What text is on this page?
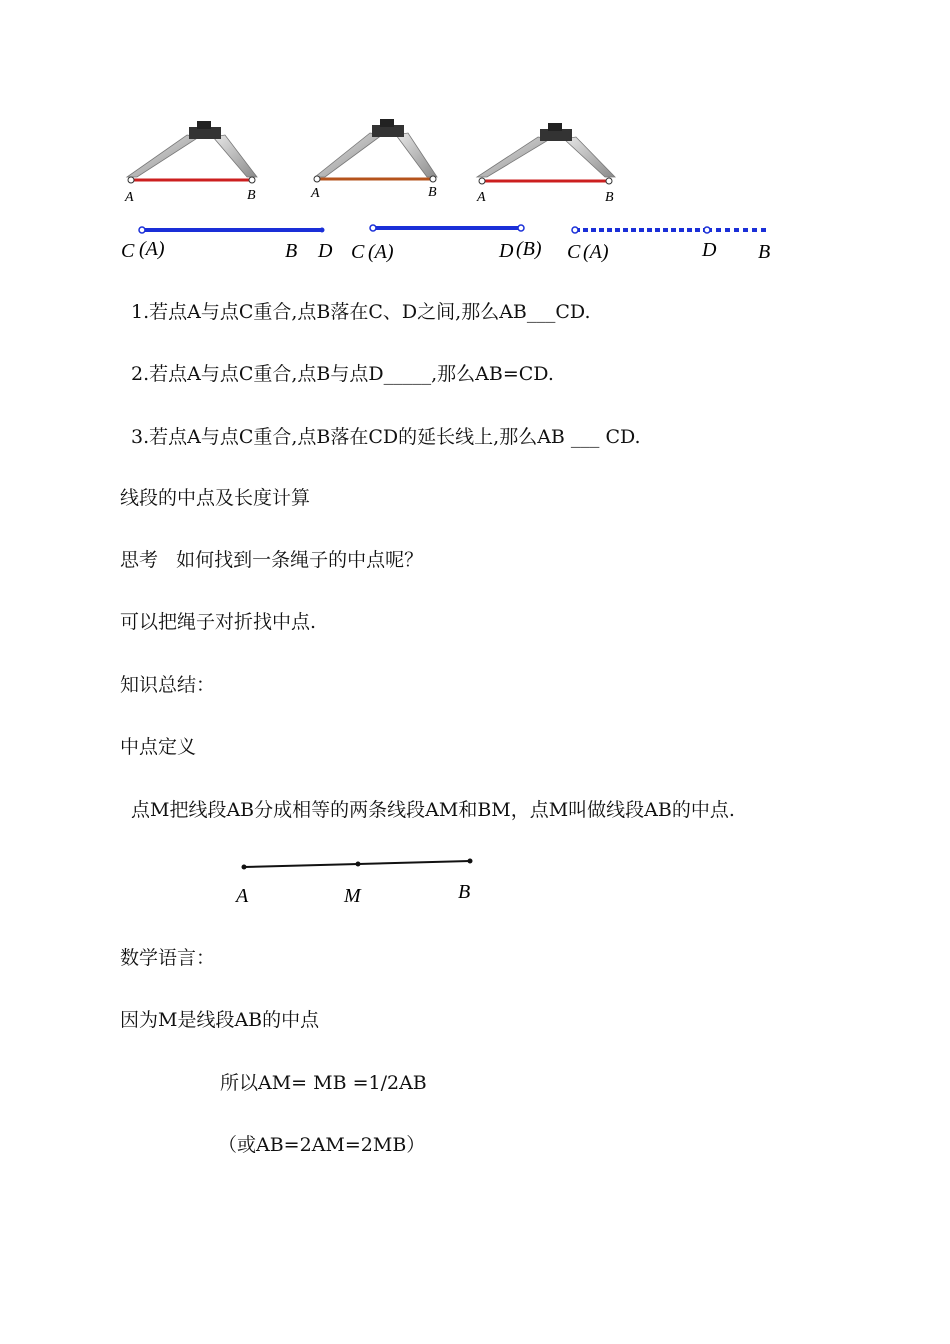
A	B	A	B	A	B
C (A)	B D C (A)	D (B) C (A)	D B
1.若点A与点C重合,点B落在C、D之间,那么AB___CD.
2.若点A与点C重合,点B与点D_____,那么AB=CD.
3.若点A与点C重合,点B落在CD的延长线上,那么AB ___ CD.
线段的中点及长度计算
思考   如何找到一条绳子的中点呢？
可以把绳子对折找中点.
知识总结：
中点定义
点M把线段AB分成相等的两条线段AM和BM，点M叫做线段AB的中点.
A	M	B
数学语言：
因为M是线段AB的中点
所以AM= MB =1/2AB
（或AB=2AM=2MB）
